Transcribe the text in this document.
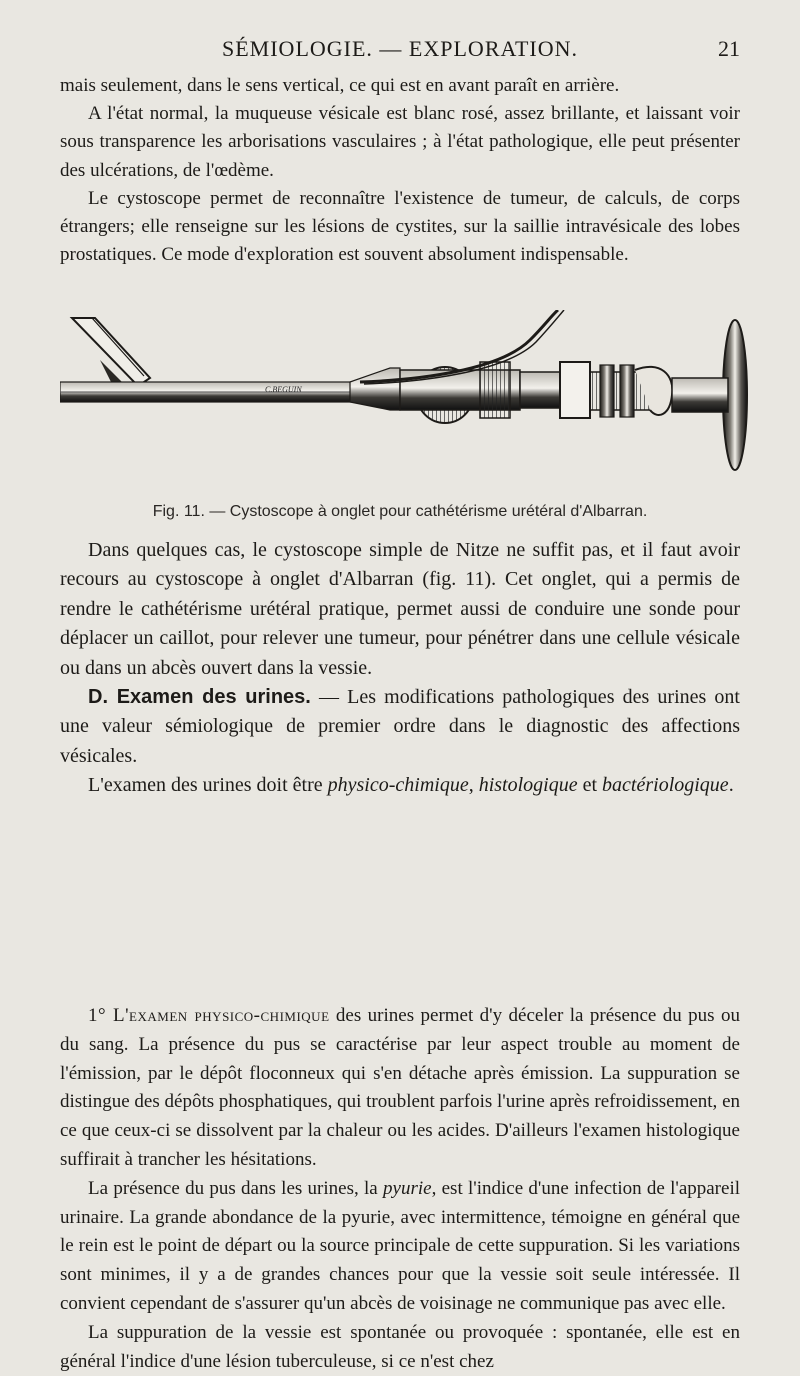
SÉMIOLOGIE. — EXPLORATION.	21

mais seulement, dans le sens vertical, ce qui est en avant paraît en arrière.

A l'état normal, la muqueuse vésicale est blanc rosé, assez brillante, et laissant voir sous transparence les arborisations vasculaires ; à l'état pathologique, elle peut présenter des ulcérations, de l'œdème.

Le cystoscope permet de reconnaître l'existence de tumeur, de calculs, de corps étrangers; elle renseigne sur les lésions de cystites, sur la saillie intravésicale des lobes prostatiques. Ce mode d'exploration est souvent absolument indispensable.

C.BEGUIN
Fig. 11. — Cystoscope à onglet pour cathétérisme urétéral d'Albarran.

Dans quelques cas, le cystoscope simple de Nitze ne suffit pas, et il faut avoir recours au cystoscope à onglet d'Albarran (fig. 11). Cet onglet, qui a permis de rendre le cathétérisme urétéral pratique, permet aussi de conduire une sonde pour déplacer un caillot, pour relever une tumeur, pour pénétrer dans une cellule vésicale ou dans un abcès ouvert dans la vessie.

D. Examen des urines. — Les modifications pathologiques des urines ont une valeur sémiologique de premier ordre dans le diagnostic des affections vésicales.

L'examen des urines doit être physico-chimique, histologique et bactériologique.

1° L'examen physico-chimique des urines permet d'y déceler la présence du pus ou du sang. La présence du pus se caractérise par leur aspect trouble au moment de l'émission, par le dépôt floconneux qui s'en détache après émission. La suppuration se distingue des dépôts phosphatiques, qui troublent parfois l'urine après refroidissement, en ce que ceux-ci se dissolvent par la chaleur ou les acides. D'ailleurs l'examen histologique suffirait à trancher les hésitations.

La présence du pus dans les urines, la pyurie, est l'indice d'une infection de l'appareil urinaire. La grande abondance de la pyurie, avec intermittence, témoigne en général que le rein est le point de départ ou la source principale de cette suppuration. Si les variations sont minimes, il y a de grandes chances pour que la vessie soit seule intéressée. Il convient cependant de s'assurer qu'un abcès de voisinage ne communique pas avec elle.

La suppuration de la vessie est spontanée ou provoquée : spontanée, elle est en général l'indice d'une lésion tuberculeuse, si ce n'est chez
